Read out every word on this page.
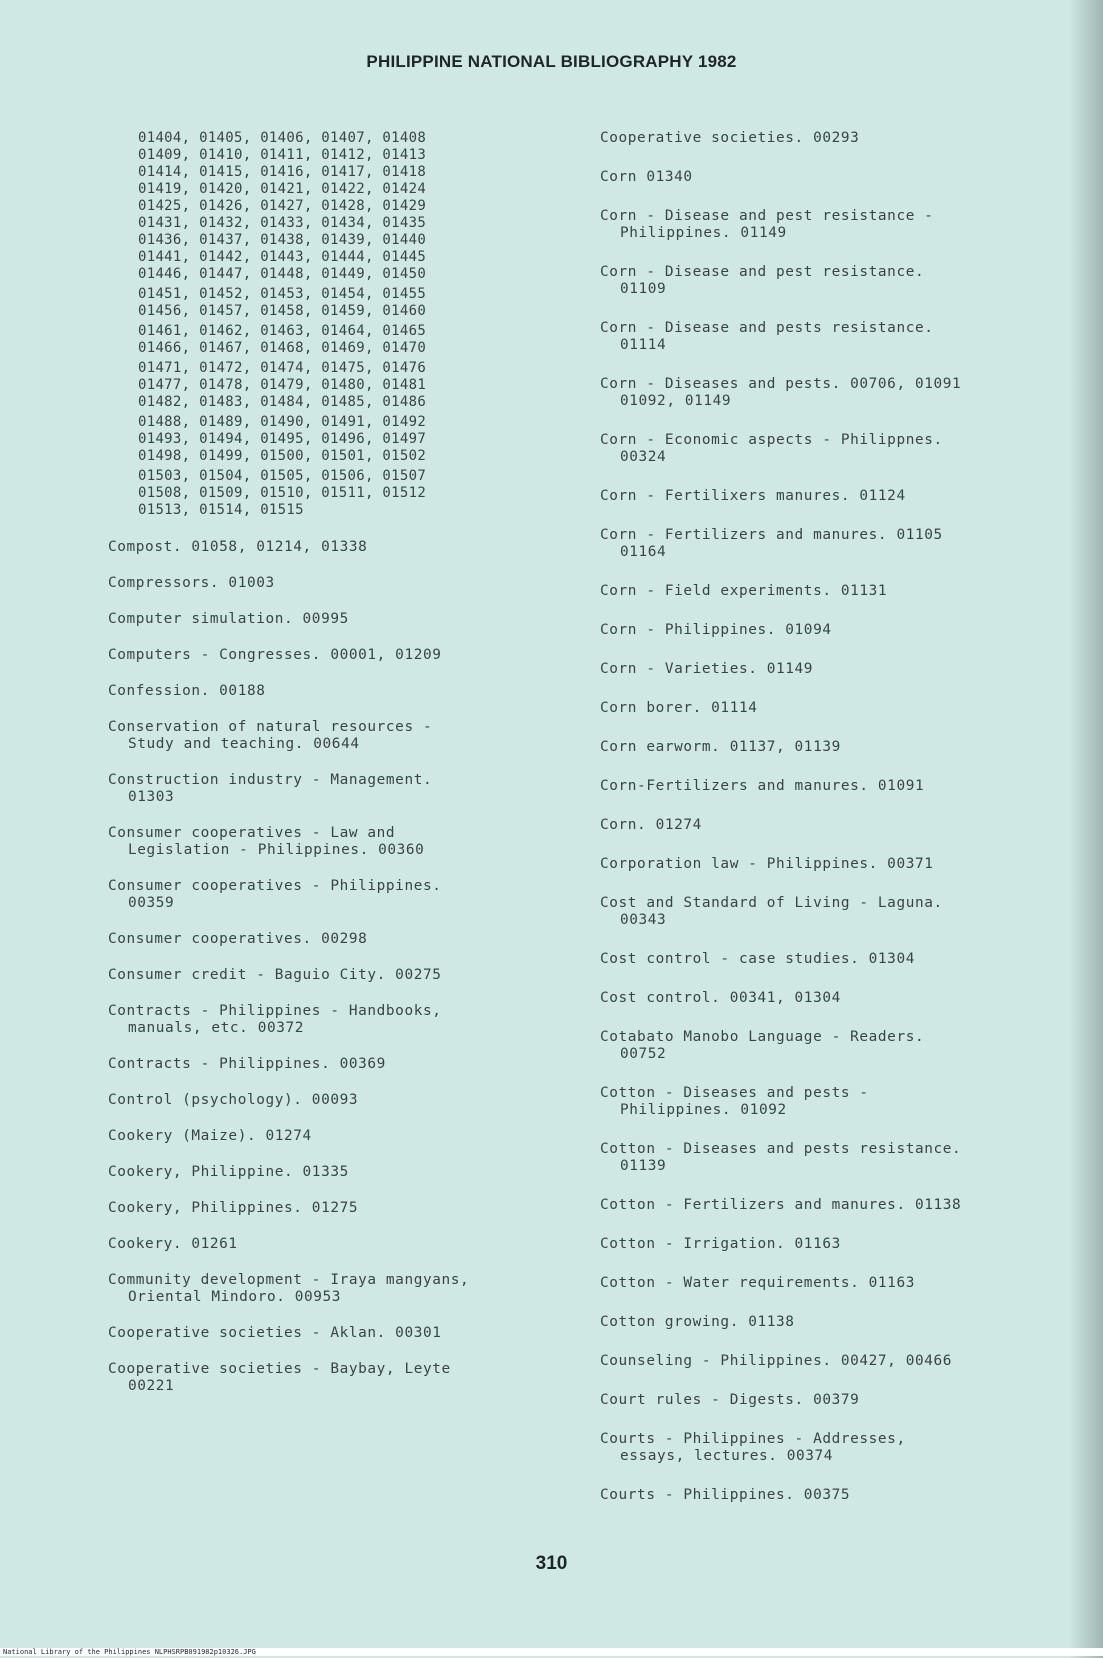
PHILIPPINE NATIONAL BIBLIOGRAPHY 1982
01404, 01405, 01406, 01407, 01408
01409, 01410, 01411, 01412, 01413
01414, 01415, 01416, 01417, 01418
01419, 01420, 01421, 01422, 01424
01425, 01426, 01427, 01428, 01429
01431, 01432, 01433, 01434, 01435
01436, 01437, 01438, 01439, 01440
01441, 01442, 01443, 01444, 01445
01446, 01447, 01448, 01449, 01450
01451, 01452, 01453, 01454, 01455
01456, 01457, 01458, 01459, 01460
01461, 01462, 01463, 01464, 01465
01466, 01467, 01468, 01469, 01470
01471, 01472, 01474, 01475, 01476
01477, 01478, 01479, 01480, 01481
01482, 01483, 01484, 01485, 01486
01488, 01489, 01490, 01491, 01492
01493, 01494, 01495, 01496, 01497
01498, 01499, 01500, 01501, 01502
01503, 01504, 01505, 01506, 01507
01508, 01509, 01510, 01511, 01512
01513, 01514, 01515
Compost. 01058, 01214, 01338
Compressors. 01003
Computer simulation. 00995
Computers - Congresses. 00001, 01209
Confession. 00188
Conservation of natural resources -
Study and teaching. 00644
Construction industry - Management.
01303
Consumer cooperatives - Law and
Legislation - Philippines. 00360
Consumer cooperatives - Philippines.
00359
Consumer cooperatives. 00298
Consumer credit - Baguio City. 00275
Contracts - Philippines - Handbooks,
manuals, etc. 00372
Contracts - Philippines. 00369
Control (psychology). 00093
Cookery (Maize). 01274
Cookery, Philippine. 01335
Cookery, Philippines. 01275
Cookery. 01261
Community development - Iraya mangyans,
Oriental Mindoro. 00953
Cooperative societies - Aklan. 00301
Cooperative societies - Baybay, Leyte
00221
Cooperative societies. 00293
Corn 01340
Corn - Disease and pest resistance -
Philippines. 01149
Corn - Disease and pest resistance.
01109
Corn - Disease and pests resistance.
01114
Corn - Diseases and pests. 00706, 01091
01092, 01149
Corn - Economic aspects - Philippnes.
00324
Corn - Fertilixers manures. 01124
Corn - Fertilizers and manures. 01105
01164
Corn - Field experiments. 01131
Corn - Philippines. 01094
Corn - Varieties. 01149
Corn borer. 01114
Corn earworm. 01137, 01139
Corn-Fertilizers and manures. 01091
Corn. 01274
Corporation law - Philippines. 00371
Cost and Standard of Living - Laguna.
00343
Cost control - case studies. 01304
Cost control. 00341, 01304
Cotabato Manobo Language - Readers.
00752
Cotton - Diseases and pests -
Philippines. 01092
Cotton - Diseases and pests resistance.
01139
Cotton - Fertilizers and manures. 01138
Cotton - Irrigation. 01163
Cotton - Water requirements. 01163
Cotton growing. 01138
Counseling - Philippines. 00427, 00466
Court rules - Digests. 00379
Courts - Philippines - Addresses,
essays, lectures. 00374
Courts - Philippines. 00375
310
National Library of the Philippines NLPHSRPB091982p10326.JPG
